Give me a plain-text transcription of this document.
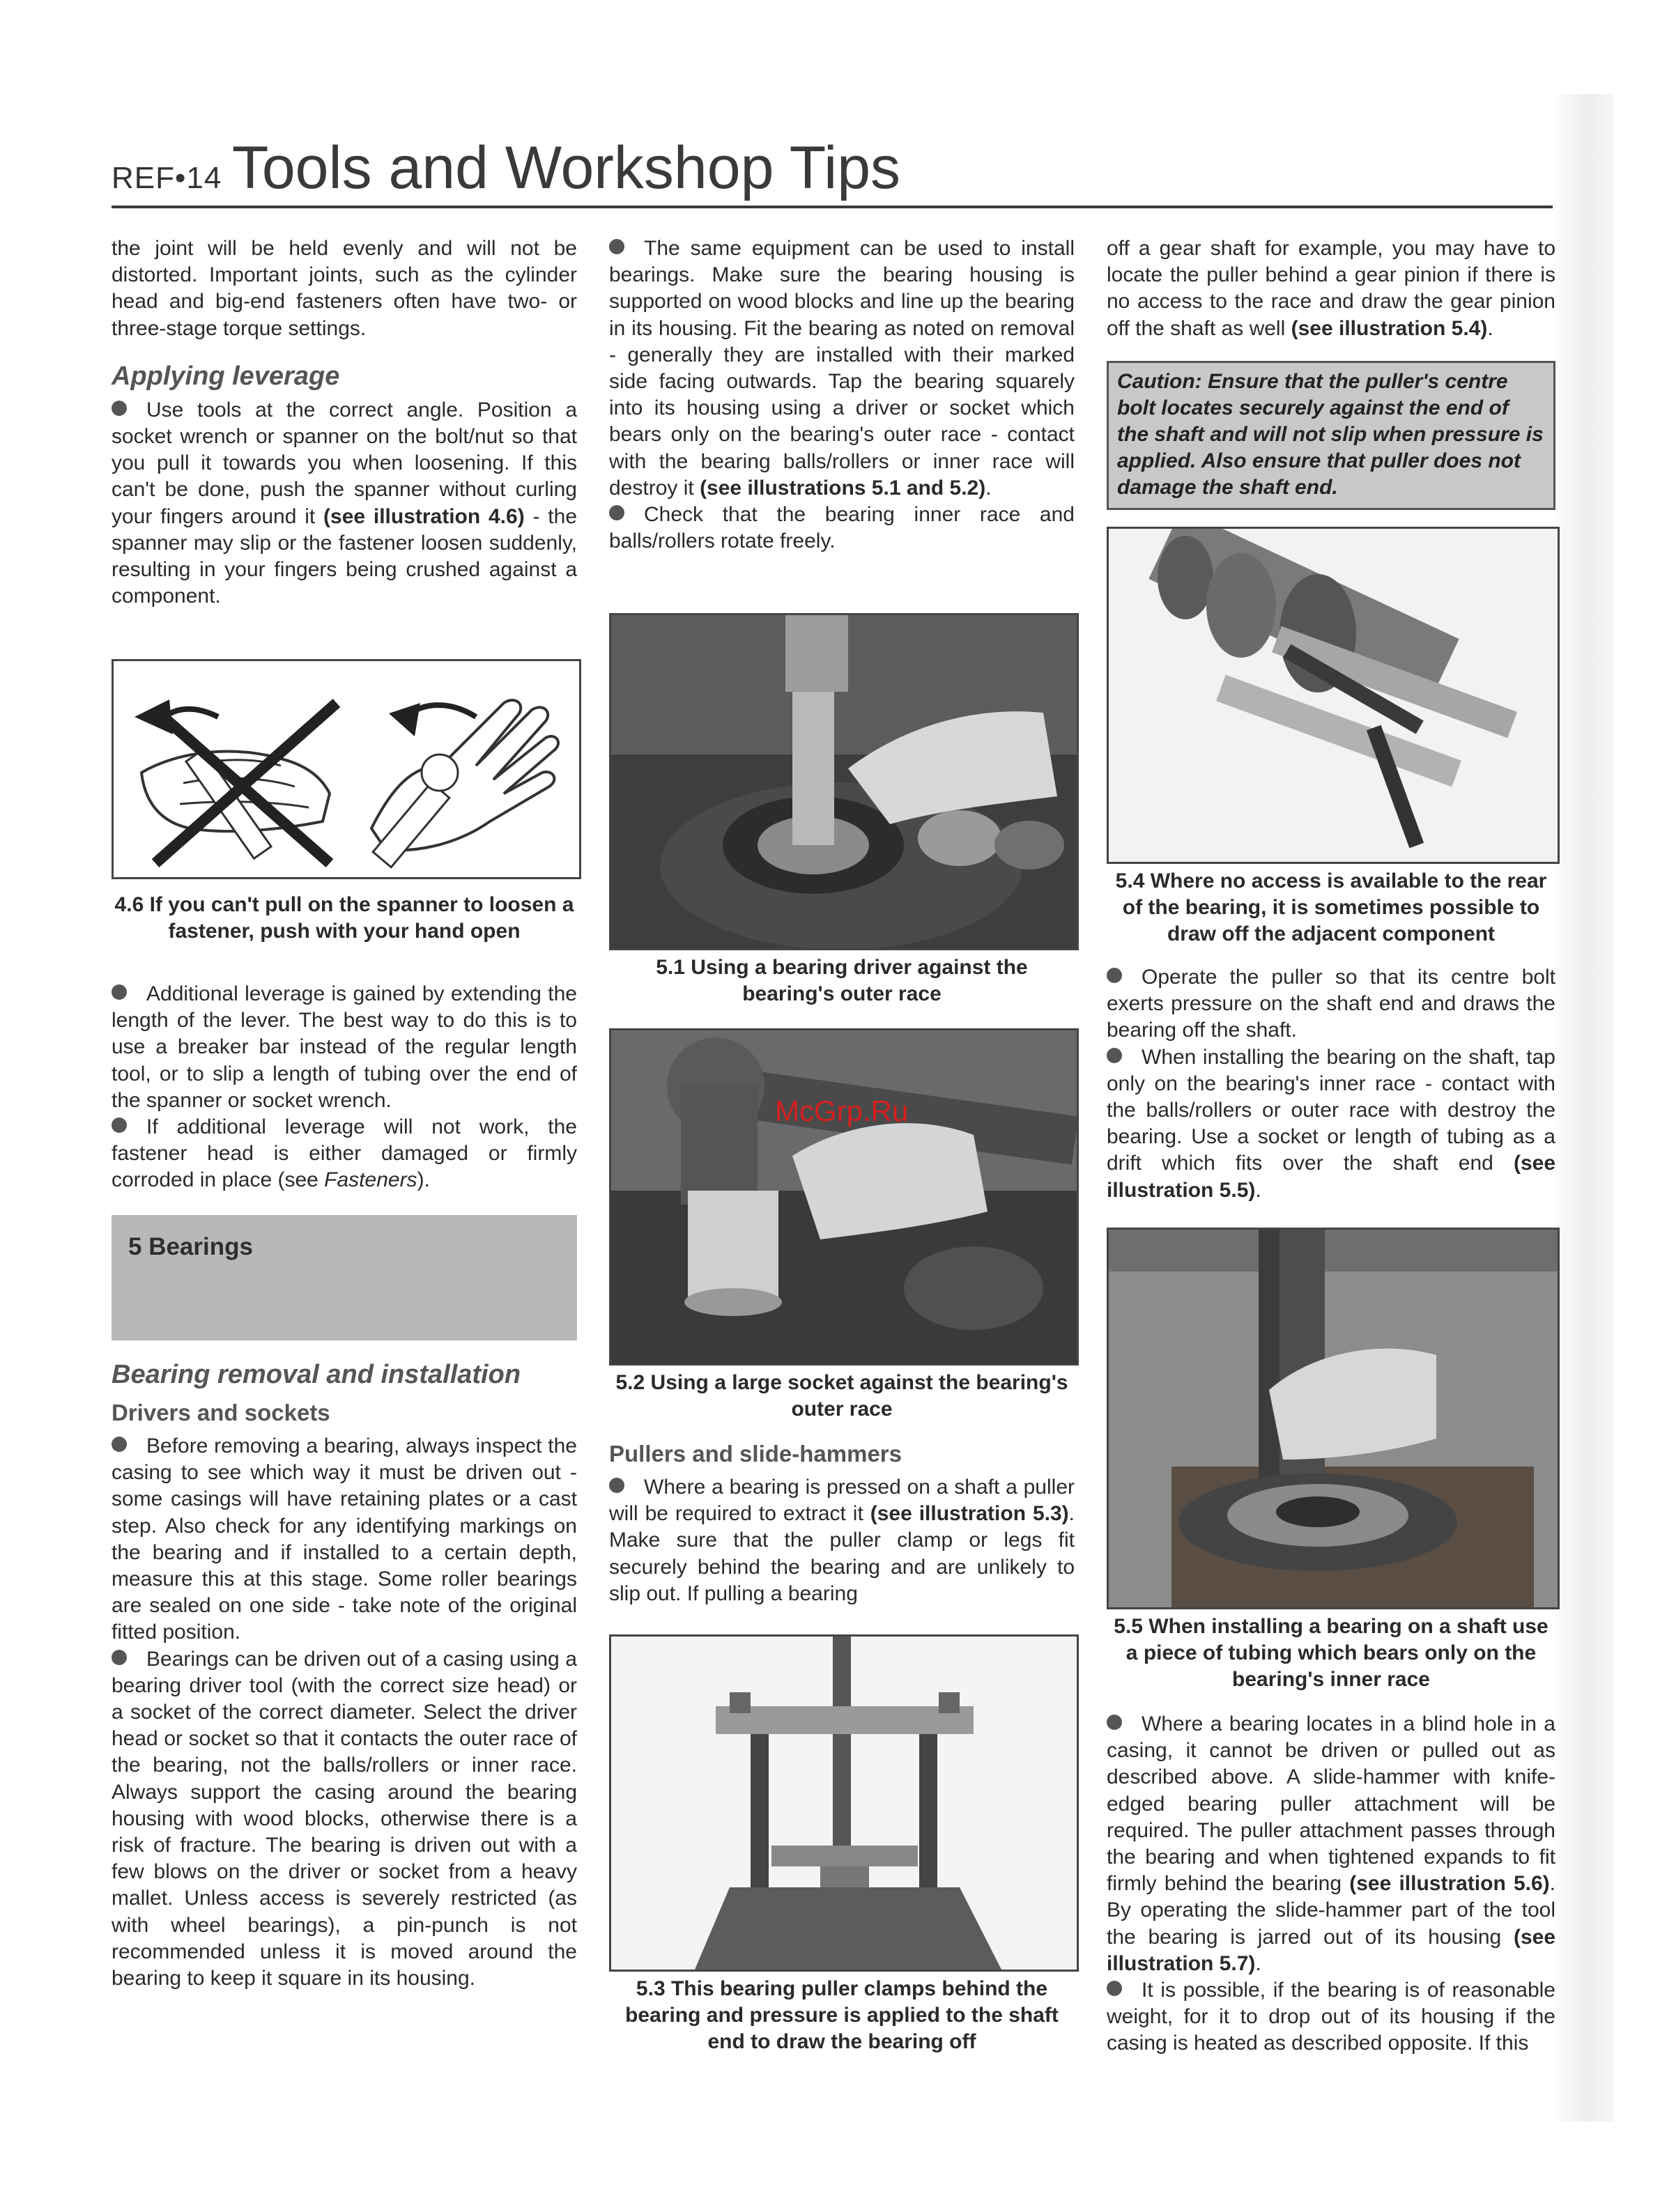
REF•14 Tools and Workshop Tips

the joint will be held evenly and will not be distorted. Important joints, such as the cylinder head and big-end fasteners often have two- or three-stage torque settings.

Applying leverage

Use tools at the correct angle. Position a socket wrench or spanner on the bolt/nut so that you pull it towards you when loosening. If this can't be done, push the spanner without curling your fingers around it (see illustration 4.6) - the spanner may slip or the fastener loosen suddenly, resulting in your fingers being crushed against a component.

4.6 If you can't pull on the spanner to loosen a fastener, push with your hand open

Additional leverage is gained by extending the length of the lever. The best way to do this is to use a breaker bar instead of the regular length tool, or to slip a length of tubing over the end of the spanner or socket wrench.

If additional leverage will not work, the fastener head is either damaged or firmly corroded in place (see Fasteners).

5 Bearings

Bearing removal and installation

Drivers and sockets

Before removing a bearing, always inspect the casing to see which way it must be driven out - some casings will have retaining plates or a cast step. Also check for any identifying markings on the bearing and if installed to a certain depth, measure this at this stage. Some roller bearings are sealed on one side - take note of the original fitted position.

Bearings can be driven out of a casing using a bearing driver tool (with the correct size head) or a socket of the correct diameter. Select the driver head or socket so that it contacts the outer race of the bearing, not the balls/rollers or inner race. Always support the casing around the bearing housing with wood blocks, otherwise there is a risk of fracture. The bearing is driven out with a few blows on the driver or socket from a heavy mallet. Unless access is severely restricted (as with wheel bearings), a pin-punch is not recommended unless it is moved around the bearing to keep it square in its housing.

The same equipment can be used to install bearings. Make sure the bearing housing is supported on wood blocks and line up the bearing in its housing. Fit the bearing as noted on removal - generally they are installed with their marked side facing outwards. Tap the bearing squarely into its housing using a driver or socket which bears only on the bearing's outer race - contact with the bearing balls/rollers or inner race will destroy it (see illustrations 5.1 and 5.2).

Check that the bearing inner race and balls/rollers rotate freely.

5.1 Using a bearing driver against the bearing's outer race
McGrp.Ru
5.2 Using a large socket against the bearing's outer race

Pullers and slide-hammers

Where a bearing is pressed on a shaft a puller will be required to extract it (see illustration 5.3). Make sure that the puller clamp or legs fit securely behind the bearing and are unlikely to slip out. If pulling a bearing

5.3 This bearing puller clamps behind the bearing and pressure is applied to the shaft end to draw the bearing off

off a gear shaft for example, you may have to locate the puller behind a gear pinion if there is no access to the race and draw the gear pinion off the shaft as well (see illustration 5.4).

Caution: Ensure that the puller's centre bolt locates securely against the end of the shaft and will not slip when pressure is applied. Also ensure that puller does not damage the shaft end.
5.4 Where no access is available to the rear of the bearing, it is sometimes possible to draw off the adjacent component

Operate the puller so that its centre bolt exerts pressure on the shaft end and draws the bearing off the shaft.

When installing the bearing on the shaft, tap only on the bearing's inner race - contact with the balls/rollers or outer race with destroy the bearing. Use a socket or length of tubing as a drift which fits over the shaft end (see illustration 5.5).

5.5 When installing a bearing on a shaft use a piece of tubing which bears only on the bearing's inner race

Where a bearing locates in a blind hole in a casing, it cannot be driven or pulled out as described above. A slide-hammer with knife-edged bearing puller attachment will be required. The puller attachment passes through the bearing and when tightened expands to fit firmly behind the bearing (see illustration 5.6). By operating the slide-hammer part of the tool the bearing is jarred out of its housing (see illustration 5.7).

It is possible, if the bearing is of reasonable weight, for it to drop out of its housing if the casing is heated as described opposite. If this
